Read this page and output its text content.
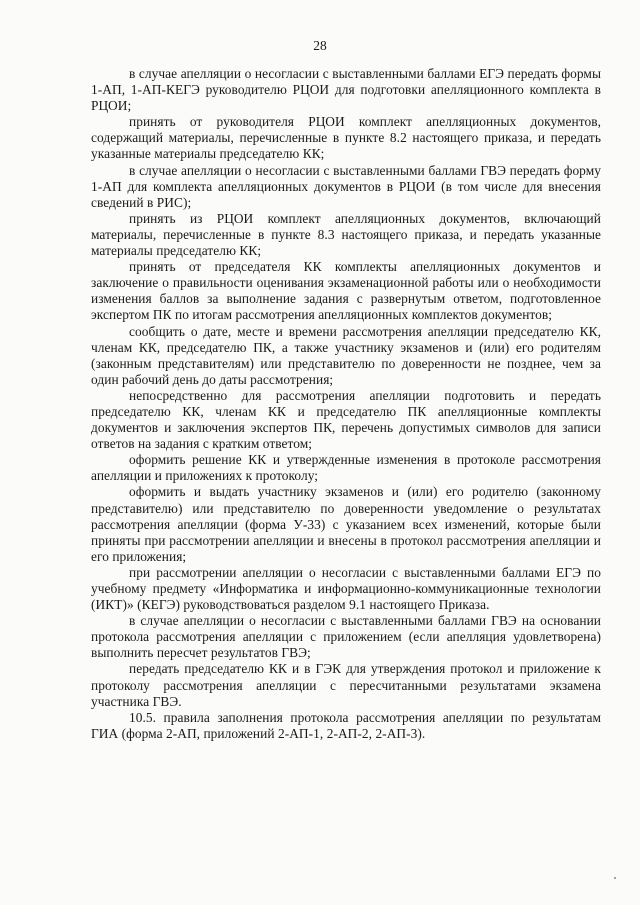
28

в случае апелляции о несогласии с выставленными баллами ЕГЭ передать формы 1-АП, 1-АП-КЕГЭ руководителю РЦОИ для подготовки апелляционного комплекта в РЦОИ;

принять от руководителя РЦОИ комплект апелляционных документов, содержащий материалы, перечисленные в пункте 8.2 настоящего приказа, и передать указанные материалы председателю КК;

в случае апелляции о несогласии с выставленными баллами ГВЭ передать форму 1-АП для комплекта апелляционных документов в РЦОИ (в том числе для внесения сведений в РИС);

принять из РЦОИ комплект апелляционных документов, включающий материалы, перечисленные в пункте 8.3 настоящего приказа, и передать указанные материалы председателю КК;

принять от председателя КК комплекты апелляционных документов и заключение о правильности оценивания экзаменационной работы или о необходимости изменения баллов за выполнение задания с развернутым ответом, подготовленное экспертом ПК по итогам рассмотрения апелляционных комплектов документов;

сообщить о дате, месте и времени рассмотрения апелляции председателю КК, членам КК, председателю ПК, а также участнику экзаменов и (или) его родителям (законным представителям) или представителю по доверенности не позднее, чем за один рабочий день до даты рассмотрения;

непосредственно для рассмотрения апелляции подготовить и передать председателю КК, членам КК и председателю ПК апелляционные комплекты документов и заключения экспертов ПК, перечень допустимых символов для записи ответов на задания с кратким ответом;

оформить решение КК и утвержденные изменения в протоколе рассмотрения апелляции и приложениях к протоколу;

оформить и выдать участнику экзаменов и (или) его родителю (законному представителю) или представителю по доверенности уведомление о результатах рассмотрения апелляции (форма У-33) с указанием всех изменений, которые были приняты при рассмотрении апелляции и внесены в протокол рассмотрения апелляции и его приложения;

при рассмотрении апелляции о несогласии с выставленными баллами ЕГЭ по учебному предмету «Информатика и информационно-коммуникационные технологии (ИКТ)» (КЕГЭ) руководствоваться разделом 9.1 настоящего Приказа.

в случае апелляции о несогласии с выставленными баллами ГВЭ на основании протокола рассмотрения апелляции с приложением (если апелляция удовлетворена) выполнить пересчет результатов ГВЭ;

передать председателю КК и в ГЭК для утверждения протокол и приложение к протоколу рассмотрения апелляции с пересчитанными результатами экзамена участника ГВЭ.

10.5. правила заполнения протокола рассмотрения апелляции по результатам ГИА (форма 2-АП, приложений 2-АП-1, 2-АП-2, 2-АП-3).
